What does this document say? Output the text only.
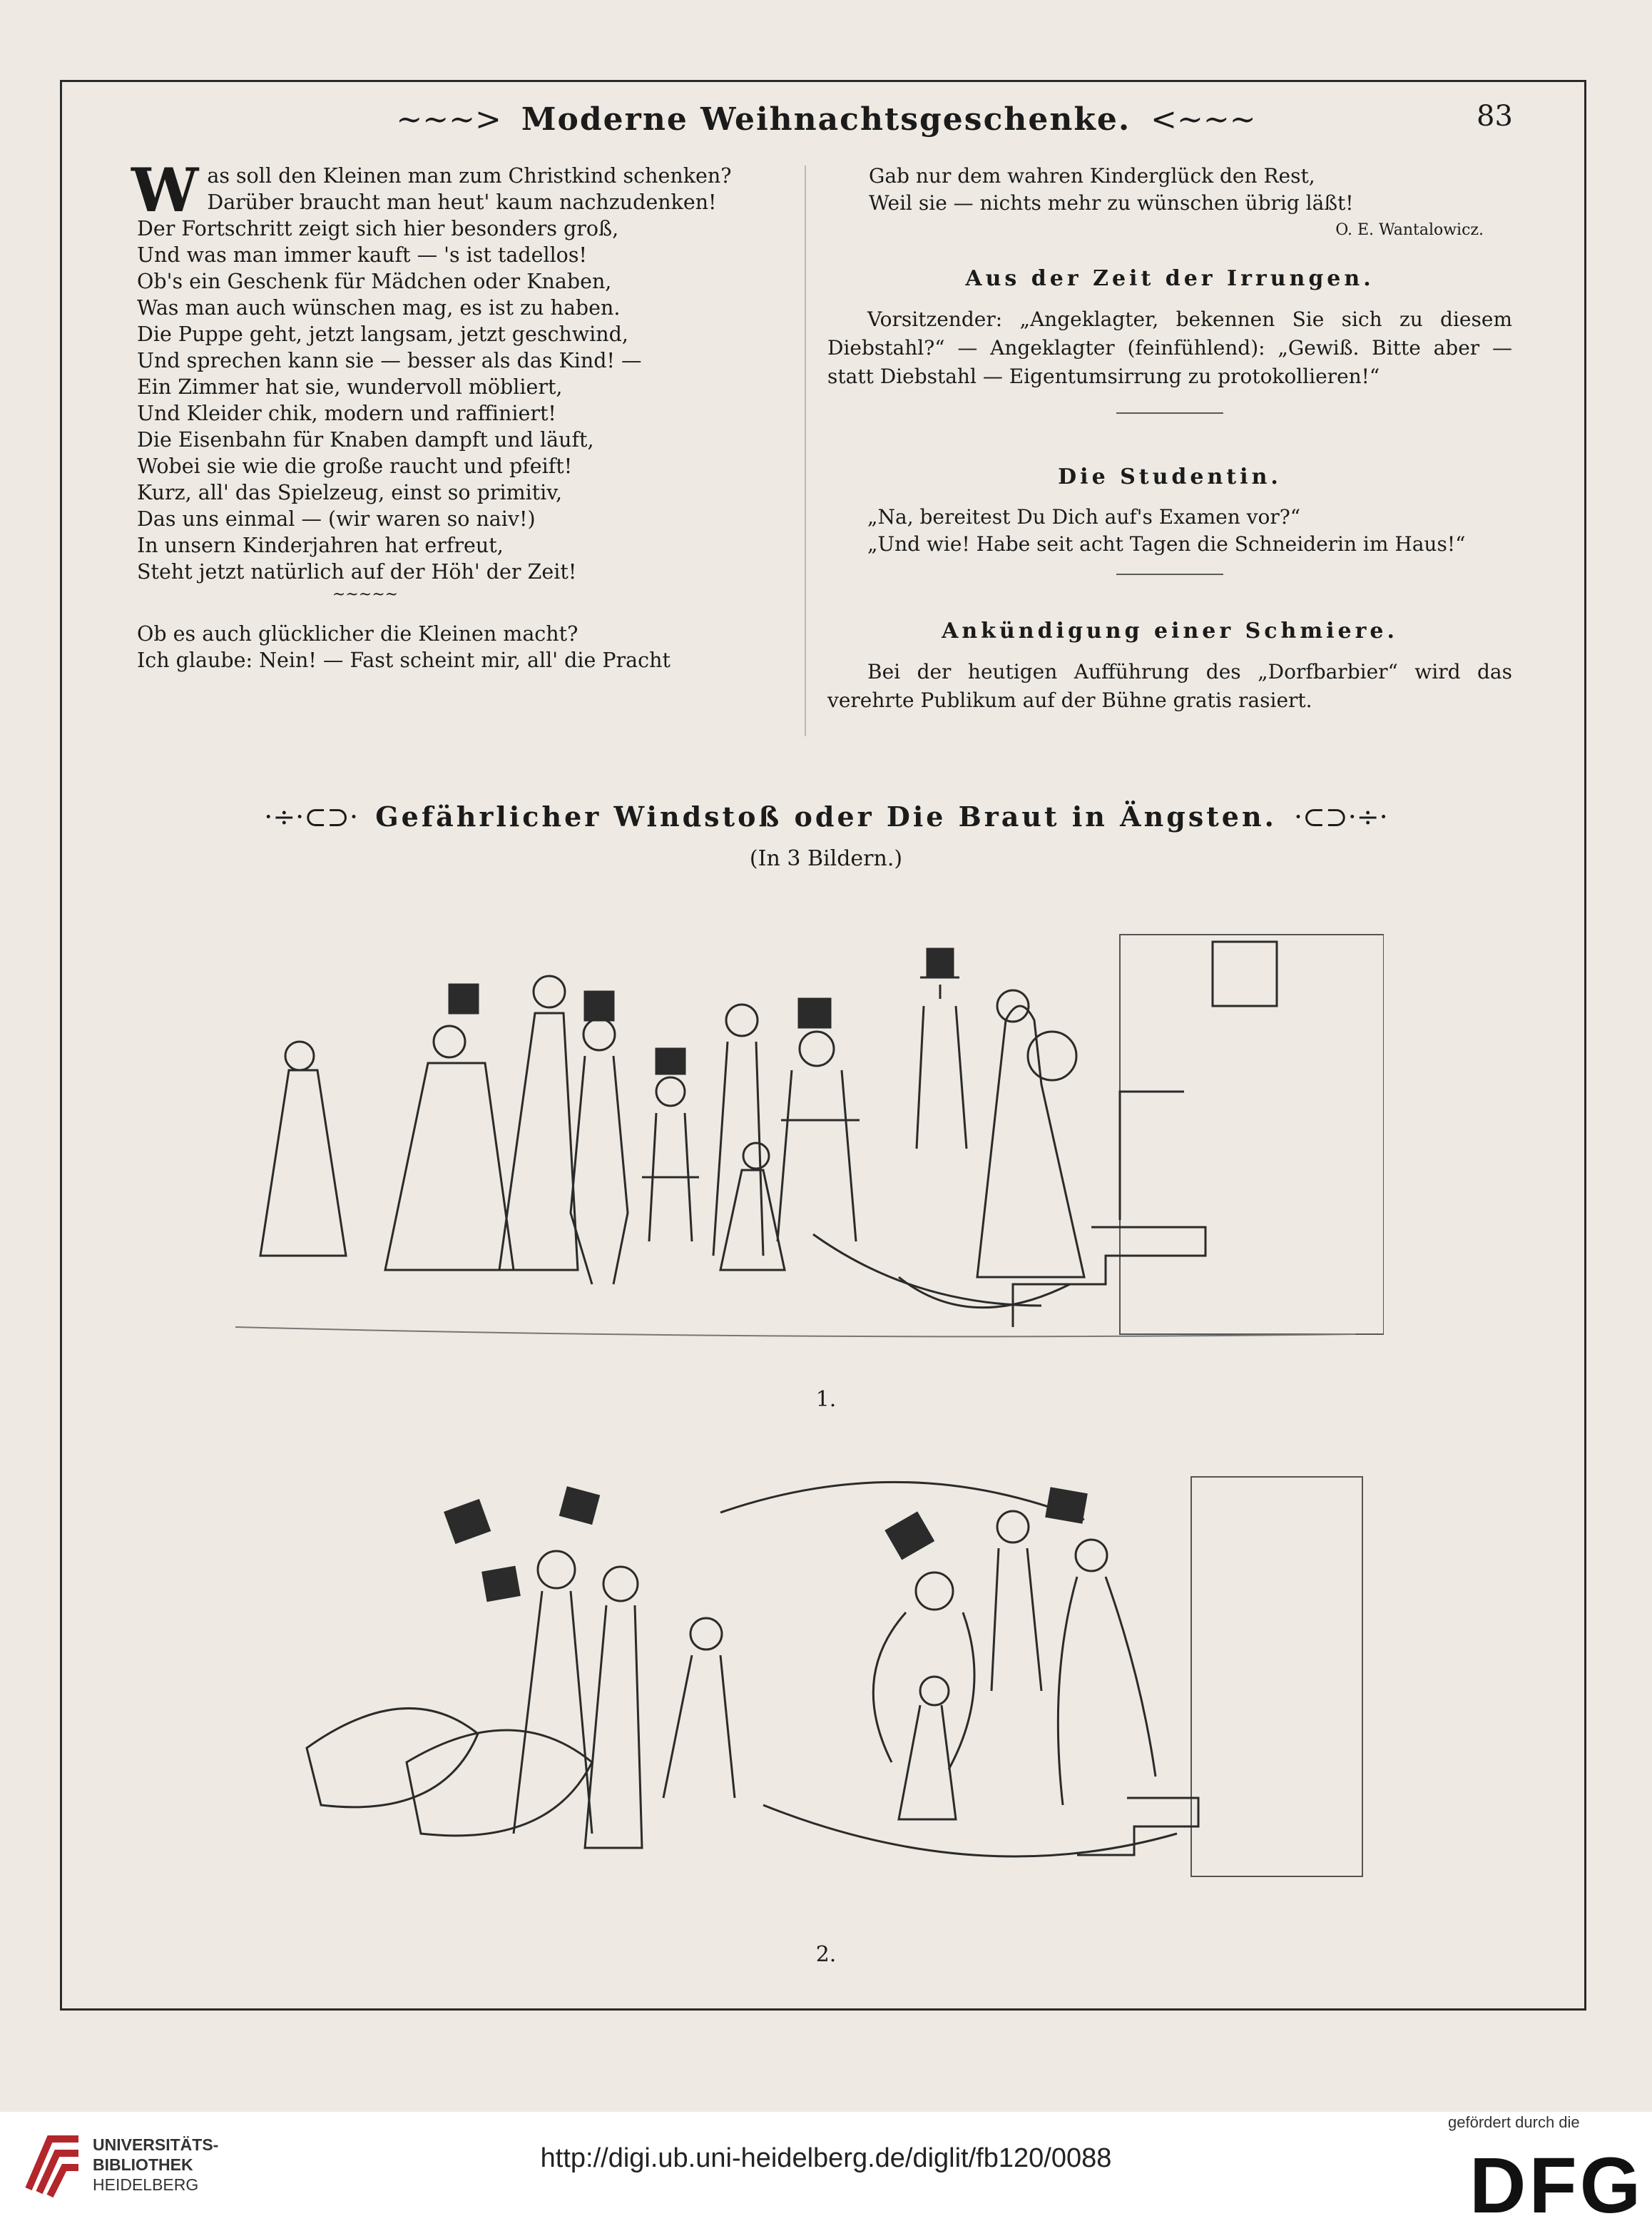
~~~>  Moderne Weihnachtsgeschenke.  <~~~	83
W as soll den Kleinen man zum Christkind schenken?
Darüber braucht man heut' kaum nachzudenken!
Der Fortschritt zeigt sich hier besonders groß,
Und was man immer kauft — 's ist tadellos!
Ob's ein Geschenk für Mädchen oder Knaben,
Was man auch wünschen mag, es ist zu haben.
Die Puppe geht, jetzt langsam, jetzt geschwind,
Und sprechen kann sie — besser als das Kind! —
Ein Zimmer hat sie, wundervoll möbliert,
Und Kleider chik, modern und raffiniert!
Die Eisenbahn für Knaben dampft und läuft,
Wobei sie wie die große raucht und pfeift!
Kurz, all' das Spielzeug, einst so primitiv,
Das uns einmal — (wir waren so naiv!)
In unsern Kinderjahren hat erfreut,
Steht jetzt natürlich auf der Höh' der Zeit!
~~~~~
Ob es auch glücklicher die Kleinen macht?
Ich glaube: Nein! — Fast scheint mir, all' die Pracht
Gab nur dem wahren Kinderglück den Rest,
Weil sie — nichts mehr zu wünschen übrig läßt!
O. E. Wantalowicz.
Aus der Zeit der Irrungen.
Vorsitzender: „Angeklagter, bekennen Sie sich zu diesem Diebstahl?“ — Angeklagter (feinfühlend): „Gewiß. Bitte aber — statt Diebstahl — Eigentumsirrung zu protokollieren!“
Die Studentin.
„Na, bereitest Du Dich auf's Examen vor?“
„Und wie! Habe seit acht Tagen die Schneiderin im Haus!“
Ankündigung einer Schmiere.
Bei der heutigen Aufführung des „Dorfbarbier“ wird das verehrte Publikum auf der Bühne gratis rasiert.
·÷·⊂⊃·  Gefährlicher Windstoß oder Die Braut in Ängsten.  ·⊂⊃·÷·
(In 3 Bildern.)
1.
2.
UNIVERSITÄTS-
BIBLIOTHEK
HEIDELBERG
http://digi.ub.uni-heidelberg.de/diglit/fb120/0088
gefördert durch die
DFG
